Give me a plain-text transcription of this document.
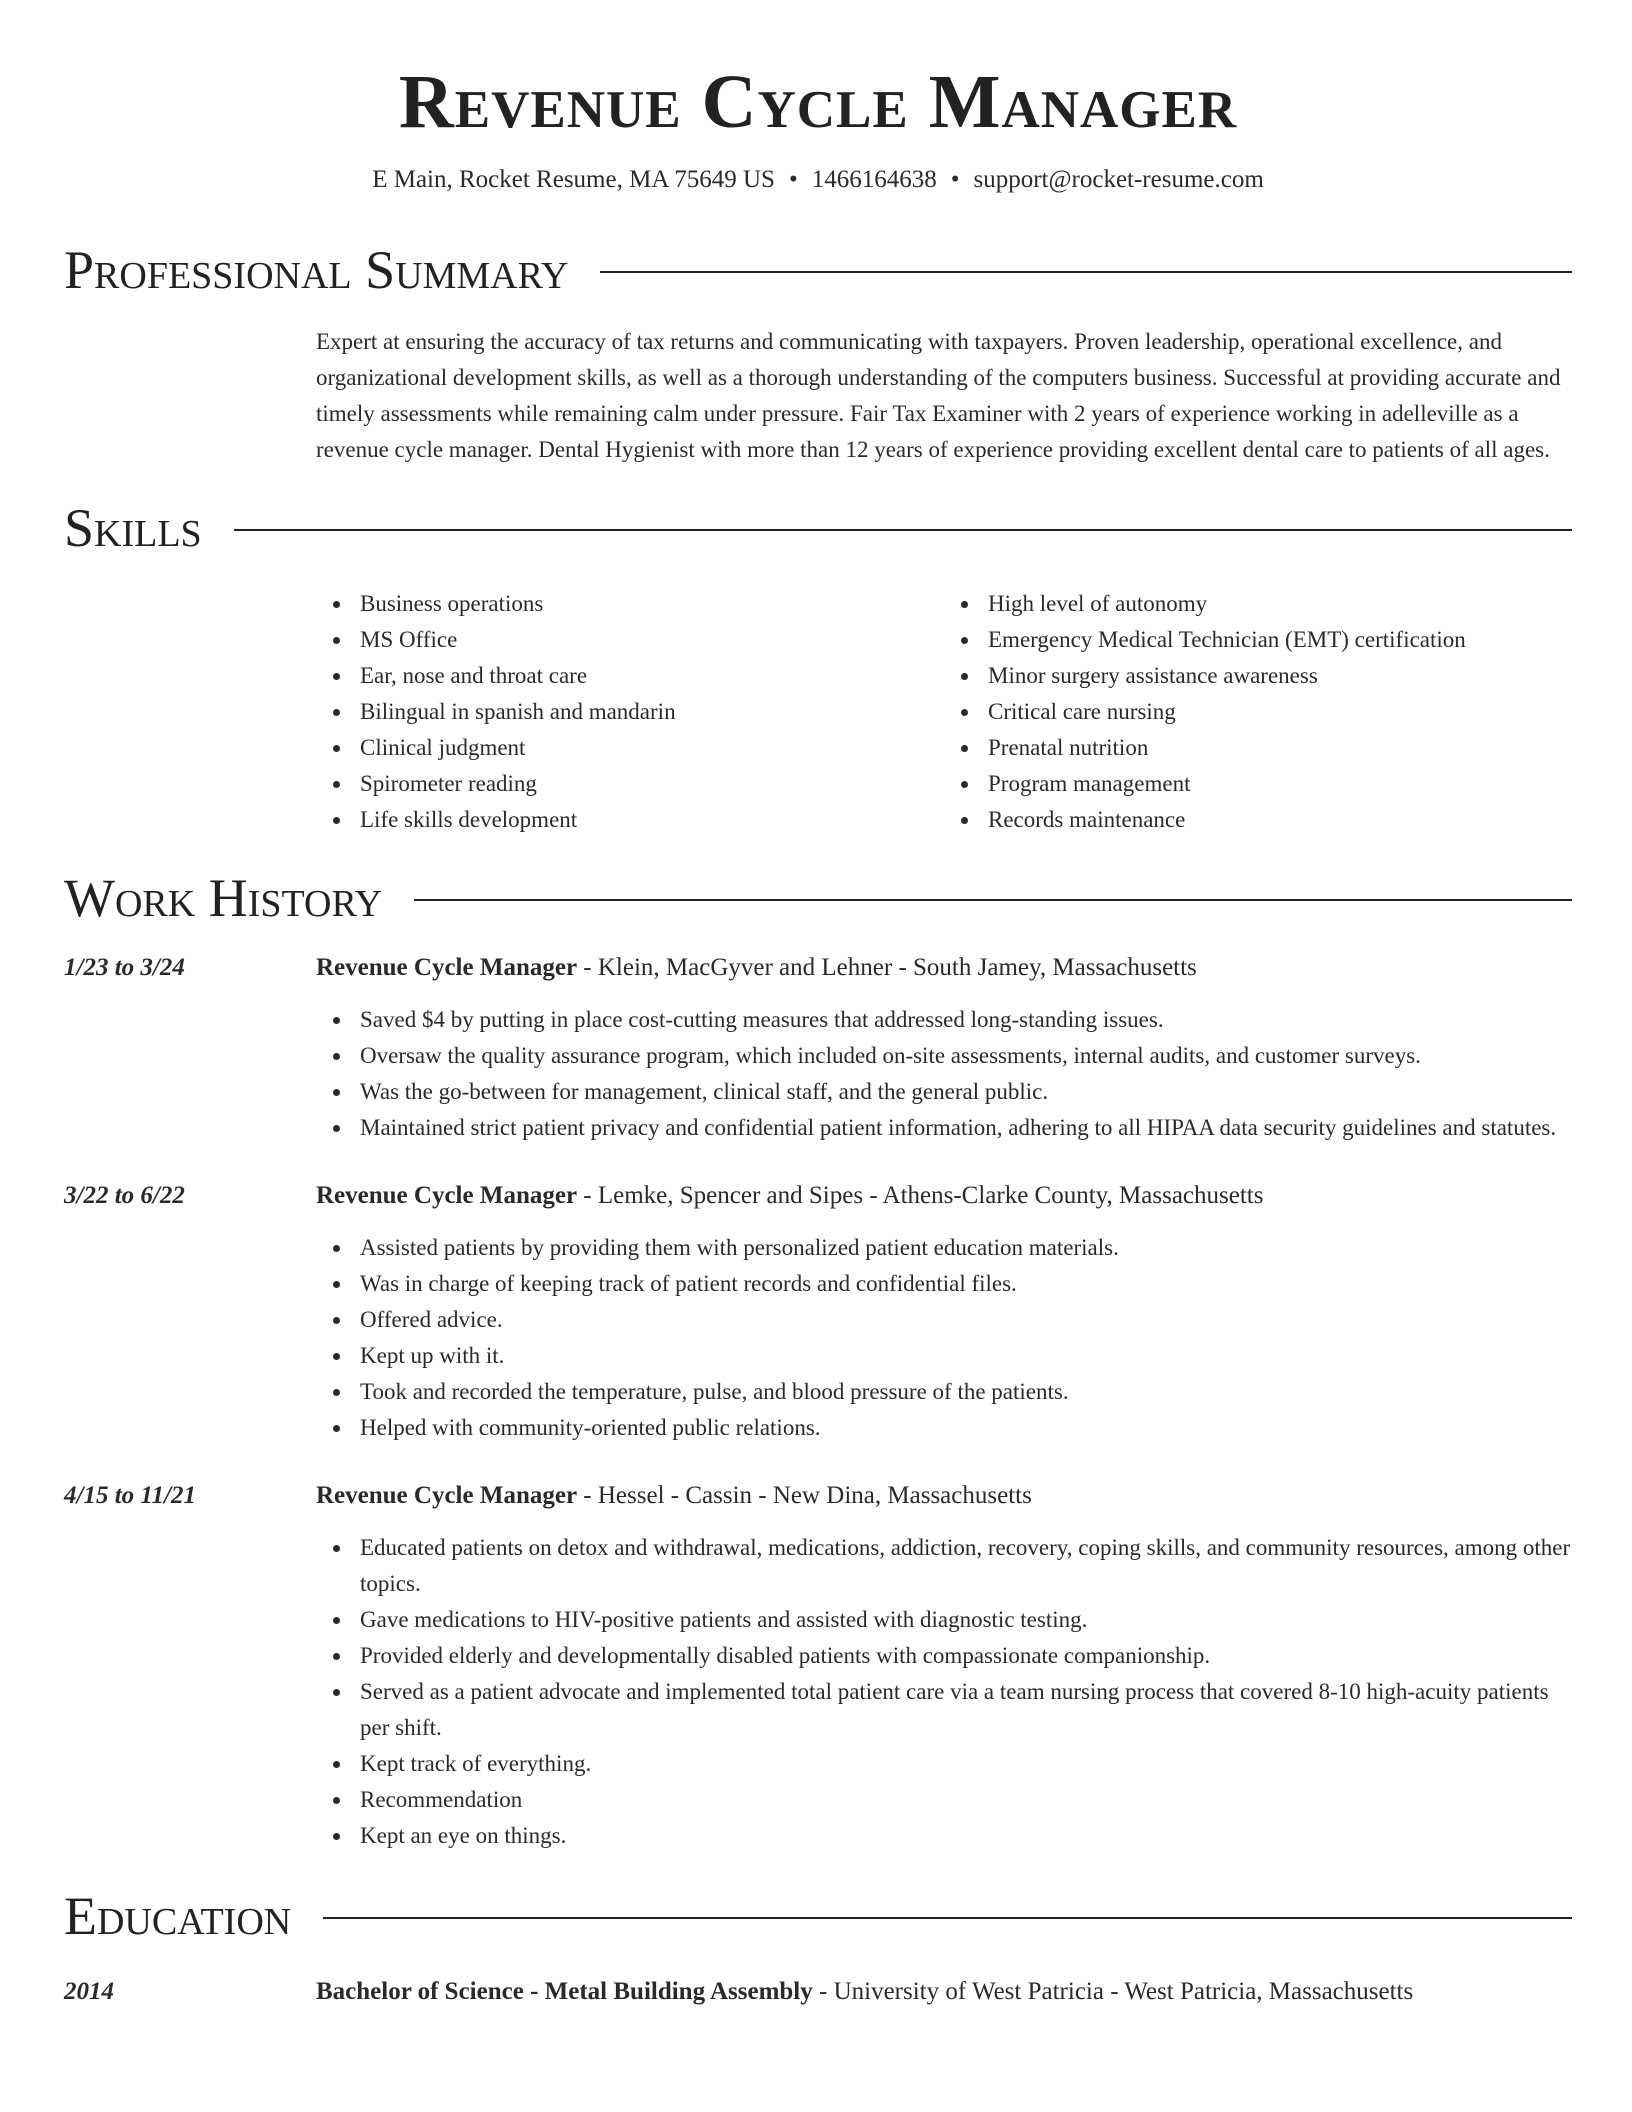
Revenue Cycle Manager
E Main, Rocket Resume, MA 75649 US • 1466164638 • support@rocket-resume.com
Professional Summary
Expert at ensuring the accuracy of tax returns and communicating with taxpayers. Proven leadership, operational excellence, and organizational development skills, as well as a thorough understanding of the computers business. Successful at providing accurate and timely assessments while remaining calm under pressure. Fair Tax Examiner with 2 years of experience working in adelleville as a revenue cycle manager. Dental Hygienist with more than 12 years of experience providing excellent dental care to patients of all ages.
Skills
Business operations
MS Office
Ear, nose and throat care
Bilingual in spanish and mandarin
Clinical judgment
Spirometer reading
Life skills development
High level of autonomy
Emergency Medical Technician (EMT) certification
Minor surgery assistance awareness
Critical care nursing
Prenatal nutrition
Program management
Records maintenance
Work History
1/23 to 3/24	Revenue Cycle Manager - Klein, MacGyver and Lehner - South Jamey, Massachusetts
Saved $4 by putting in place cost-cutting measures that addressed long-standing issues.
Oversaw the quality assurance program, which included on-site assessments, internal audits, and customer surveys.
Was the go-between for management, clinical staff, and the general public.
Maintained strict patient privacy and confidential patient information, adhering to all HIPAA data security guidelines and statutes.
3/22 to 6/22	Revenue Cycle Manager - Lemke, Spencer and Sipes - Athens-Clarke County, Massachusetts
Assisted patients by providing them with personalized patient education materials.
Was in charge of keeping track of patient records and confidential files.
Offered advice.
Kept up with it.
Took and recorded the temperature, pulse, and blood pressure of the patients.
Helped with community-oriented public relations.
4/15 to 11/21	Revenue Cycle Manager - Hessel - Cassin - New Dina, Massachusetts
Educated patients on detox and withdrawal, medications, addiction, recovery, coping skills, and community resources, among other topics.
Gave medications to HIV-positive patients and assisted with diagnostic testing.
Provided elderly and developmentally disabled patients with compassionate companionship.
Served as a patient advocate and implemented total patient care via a team nursing process that covered 8-10 high-acuity patients per shift.
Kept track of everything.
Recommendation
Kept an eye on things.
Education
2014	Bachelor of Science - Metal Building Assembly - University of West Patricia - West Patricia, Massachusetts
